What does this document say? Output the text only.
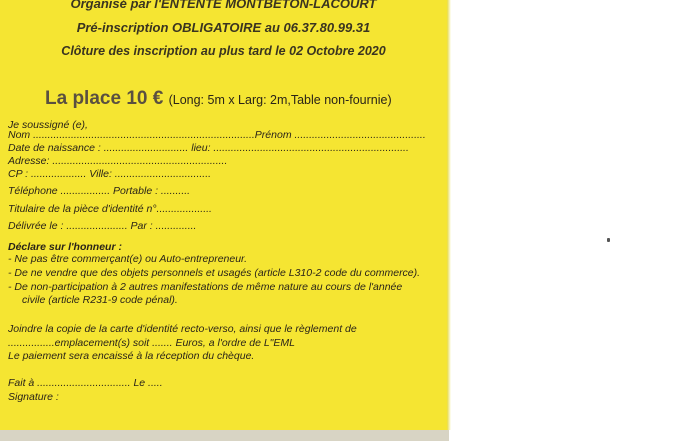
Organisé par l'ENTENTE MONTBETON-LACOURT
Pré-inscription OBLIGATOIRE au 06.37.80.99.31
Clôture des inscription au plus tard le 02 Octobre 2020
La place 10 € (Long: 5m x Larg: 2m,Table non-fournie)
Je soussigné (e),
Nom ............................................................................Prénom .............................................
Date de naissance : ............................. lieu: ...................................................................
Adresse: ............................................................
CP : ................... Ville: .................................
Téléphone ................. Portable : ..........
Titulaire de la pièce d'identité n°...................
Délivrée le : ..................... Par : ..............
Déclare sur l'honneur :
- Ne pas être commerçant(e) ou Auto-entrepreneur.
- De ne vendre que des objets personnels et usagés (article L310-2 code du commerce).
- De non-participation à 2 autres manifestations de même nature au cours de l'année
civile (article R231-9 code pénal).
Joindre la copie de la carte d'identité recto-verso, ainsi que le règlement de
................emplacement(s) soit ....... Euros, a l'ordre de L"EML
Le paiement sera encaissé à la réception du chèque.
Fait à ................................ Le .....
Signature :
